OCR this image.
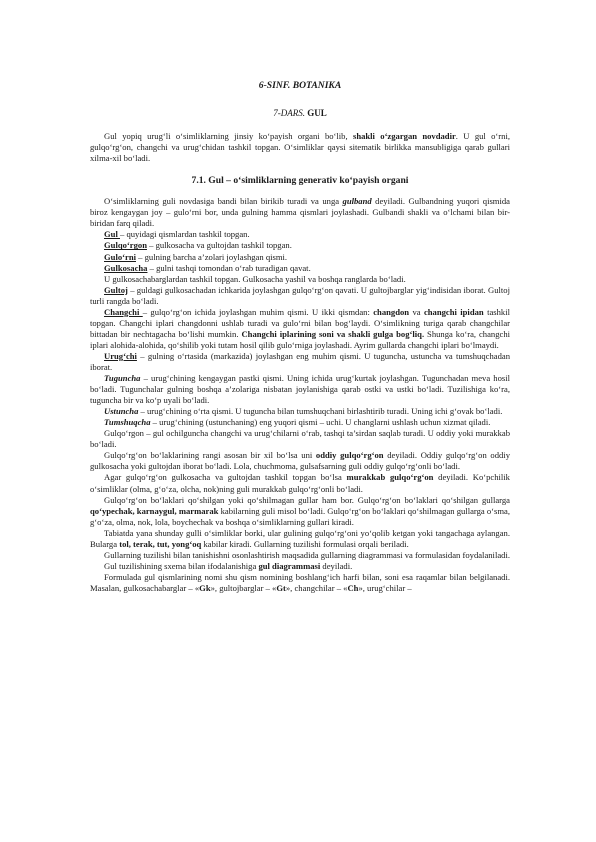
6-SINF. BOTANIKA
7-DARS. GUL

Gul yopiq urug‘li o‘simliklarning jinsiy ko‘payish organi bo‘lib, shakli o‘zgargan novdadir. U gul o‘rni, gulqo‘rg‘on, changchi va urug‘chidan tashkil topgan. O‘simliklar qaysi sitematik birlikka mansubligiga qarab gullari xilma-xil bo‘ladi.

7.1. Gul – o‘simliklarning generativ ko‘payish organi

O‘simliklarning guli novdasiga bandi bilan birikib turadi va unga gulband deyiladi. Gulbandning yuqori qismida biroz kengaygan joy – gulo‘rni bor, unda gulning hamma qismlari joylashadi. Gulbandi shakli va o‘lchami bilan bir-biridan farq qiladi.

Gul – quyidagi qismlardan tashkil topgan.

Gulqo‘rgon – gulkosacha va gultojdan tashkil topgan.

Gulo‘rni – gulning barcha a’zolari joylashgan qismi.

Gulkosacha – gulni tashqi tomondan o‘rab turadigan qavat.

U gulkosachabarglardan tashkil topgan. Gulkosacha yashil va boshqa ranglarda bo‘ladi.

Gultoj – guldagi gulkosachadan ichkarida joylashgan gulqo‘rg‘on qavati. U gultojbarglar yig‘indisidan iborat. Gultoj turli rangda bo‘ladi.

Changchi – gulqo‘rg‘on ichida joylashgan muhim qismi. U ikki qismdan: changdon va changchi ipidan tashkil topgan. Changchi iplari changdonni ushlab turadi va gulo‘rni bilan bog‘laydi. O‘simlikning turiga qarab changchilar bittadan bir nechtagacha bo‘lishi mumkin. Changchi iplarining soni va shakli gulga bog‘liq. Shunga ko‘ra, changchi iplari alohida-alohida, qo‘shilib yoki tutam hosil qilib gulo‘rniga joylashadi. Ayrim gullarda changchi iplari bo‘lmaydi.

Urug‘chi – gulning o‘rtasida (markazida) joylashgan eng muhim qismi. U tuguncha, ustuncha va tumshuqchadan iborat.

Tuguncha – urug‘chining kengaygan pastki qismi. Uning ichida urug‘kurtak joylashgan. Tugunchadan meva hosil bo‘ladi. Tugunchalar gulning boshqa a’zolariga nisbatan joylanishiga qarab ostki va ustki bo‘ladi. Tuzilishiga ko‘ra, tuguncha bir va ko‘p uyali bo‘ladi.

Ustuncha – urug‘chining o‘rta qismi. U tuguncha bilan tumshuqchani birlashtirib turadi. Uning ichi g‘ovak bo‘ladi.

Tumshuqcha – urug‘chining (ustunchaning) eng yuqori qismi – uchi. U changlarni ushlash uchun xizmat qiladi.

Gulqo‘rgon – gul ochilguncha changchi va urug‘chilarni o‘rab, tashqi ta’sirdan saqlab turadi. U oddiy yoki murakkab bo‘ladi.

Gulqo‘rg‘on bo‘laklarining rangi asosan bir xil bo‘lsa uni oddiy gulqo‘rg‘on deyiladi. Oddiy gulqo‘rg‘on oddiy gulkosacha yoki gultojdan iborat bo‘ladi. Lola, chuchmoma, gulsafsarning guli oddiy gulqo‘rg‘onli bo‘ladi.

Agar gulqo‘rg‘on gulkosacha va gultojdan tashkil topgan bo‘lsa murakkab gulqo‘rg‘on deyiladi. Ko‘pchilik o‘simliklar (olma, g‘o‘za, olcha, nok)ning guli murakkab gulqo‘rg‘onli bo‘ladi.

Gulqo‘rg‘on bo‘laklari qo‘shilgan yoki qo‘shilmagan gullar ham bor. Gulqo‘rg‘on bo‘laklari qo‘shilgan gullarga qo‘ypechak, karnaygul, marmarak kabilarning guli misol bo‘ladi. Gulqo‘rg‘on bo‘laklari qo‘shilmagan gullarga o‘sma, g‘o‘za, olma, nok, lola, boychechak va boshqa o‘simliklarning gullari kiradi.

Tabiatda yana shunday gulli o‘simliklar borki, ular gulining gulqo‘rg‘oni yo‘qolib ketgan yoki tangachaga aylangan. Bularga tol, terak, tut, yong‘oq kabilar kiradi. Gullarning tuzilishi formulasi orqali beriladi.

Gullarning tuzilishi bilan tanishishni osonlashtirish maqsadida gullarning diagrammasi va formulasidan foydalaniladi.

Gul tuzilishining sxema bilan ifodalanishiga gul diagrammasi deyiladi.

Formulada gul qismlarining nomi shu qism nomining boshlang‘ich harfi bilan, soni esa raqamlar bilan belgilanadi. Masalan, gulkosachabarglar – «Gk», gultojbarglar – «Gt», changchilar – «Ch», urug‘chilar –
